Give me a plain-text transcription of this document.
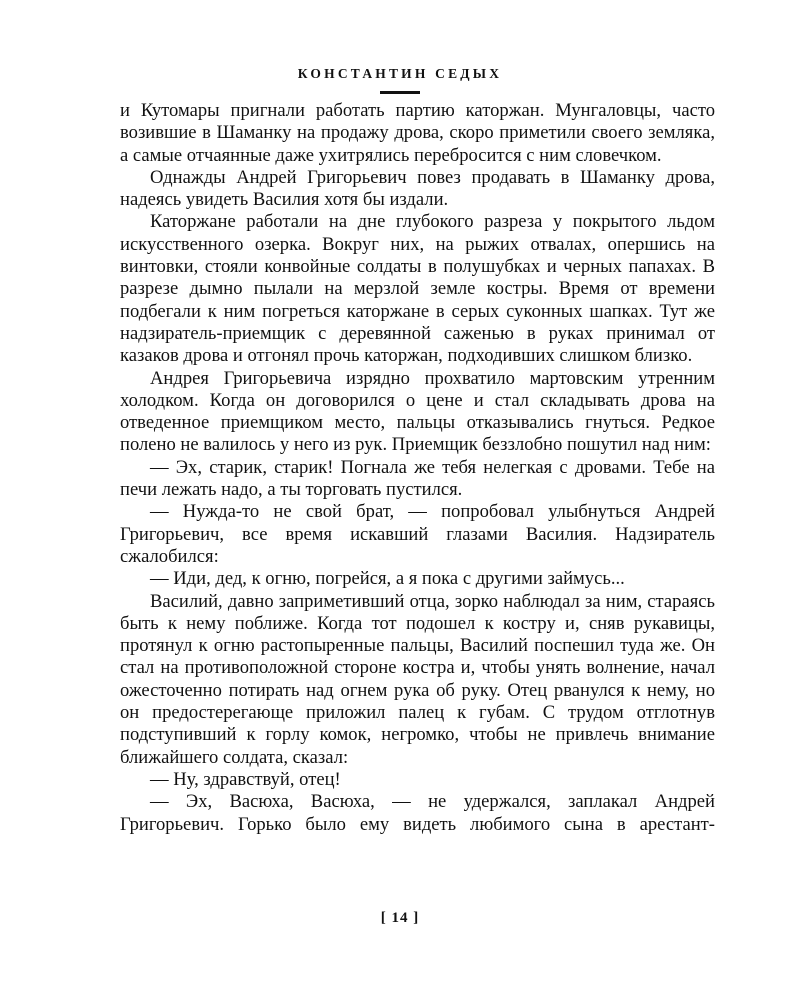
КОНСТАНТИН СЕДЫХ

и Кутомары пригнали работать партию каторжан. Мунгаловцы, часто возившие в Шаманку на продажу дрова, скоро приметили своего земляка, а самые отчаянные даже ухитрялись перебросится с ним словечком.

Однажды Андрей Григорьевич повез продавать в Шаманку дрова, надеясь увидеть Василия хотя бы издали.

Каторжане работали на дне глубокого разреза у покрытого льдом искусственного озерка. Вокруг них, на рыжих отвалах, опершись на винтовки, стояли конвойные солдаты в полушубках и черных папахах. В разрезе дымно пылали на мерзлой земле костры. Время от времени подбегали к ним погреться каторжане в серых суконных шапках. Тут же надзиратель-приемщик с деревянной саженью в руках принимал от казаков дрова и отгонял прочь каторжан, подходивших слишком близко.

Андрея Григорьевича изрядно прохватило мартовским утренним холодком. Когда он договорился о цене и стал складывать дрова на отведенное приемщиком место, пальцы отказывались гнуться. Редкое полено не валилось у него из рук. Приемщик беззлобно пошутил над ним:

— Эх, старик, старик! Погнала же тебя нелегкая с дровами. Тебе на печи лежать надо, а ты торговать пустился.

— Нужда-то не свой брат, — попробовал улыбнуться Андрей Григорьевич, все время искавший глазами Василия. Надзиратель сжалобился:

— Иди, дед, к огню, погрейся, а я пока с другими займусь...

Василий, давно заприметивший отца, зорко наблюдал за ним, стараясь быть к нему поближе. Когда тот подошел к костру и, сняв рукавицы, протянул к огню растопыренные пальцы, Василий поспешил туда же. Он стал на противоположной стороне костра и, чтобы унять волнение, начал ожесточенно потирать над огнем рука об руку. Отец рванулся к нему, но он предостерегающе приложил палец к губам. С трудом отглотнув подступивший к горлу комок, негромко, чтобы не привлечь внимание ближайшего солдата, сказал:

— Ну, здравствуй, отец!

— Эх, Васюха, Васюха, — не удержался, заплакал Андрей Григорьевич. Горько было ему видеть любимого сына в арестант-

[ 14 ]
